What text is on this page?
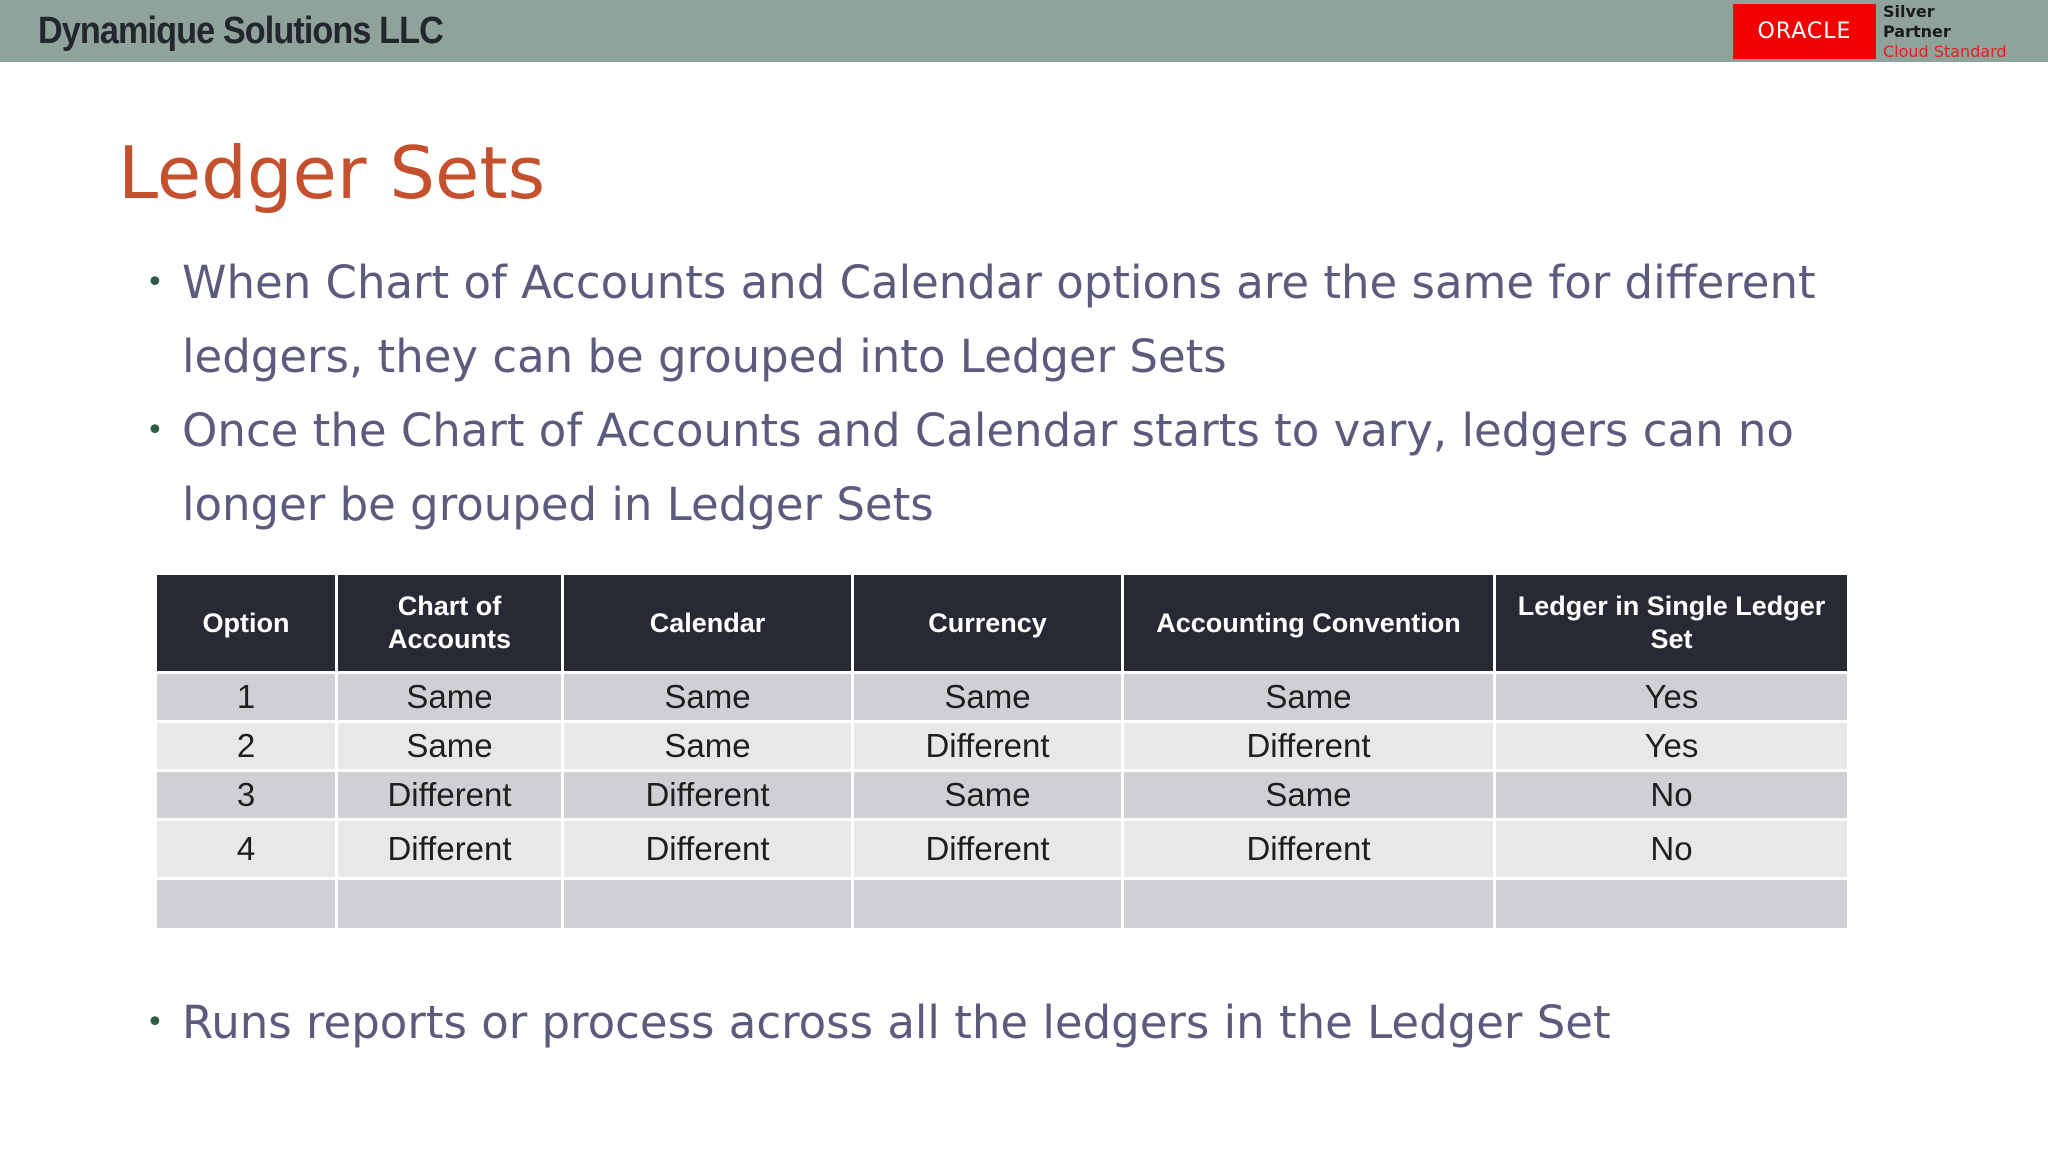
Dynamique Solutions LLC	ORACLE
Silver
Partner
Cloud Standard
Ledger Sets
• When Chart of Accounts and Calendar options are the same for different ledgers, they can be grouped into Ledger Sets
• Once the Chart of Accounts and Calendar starts to vary, ledgers can no longer be grouped in Ledger Sets
Option	Chart of Accounts	Calendar	Currency	Accounting Convention	Ledger in Single Ledger Set
1	Same	Same	Same	Same	Yes
2	Same	Same	Different	Different	Yes
3	Different	Different	Same	Same	No
4	Different	Different	Different	Different	No

• Runs reports or process across all the ledgers in the Ledger Set
